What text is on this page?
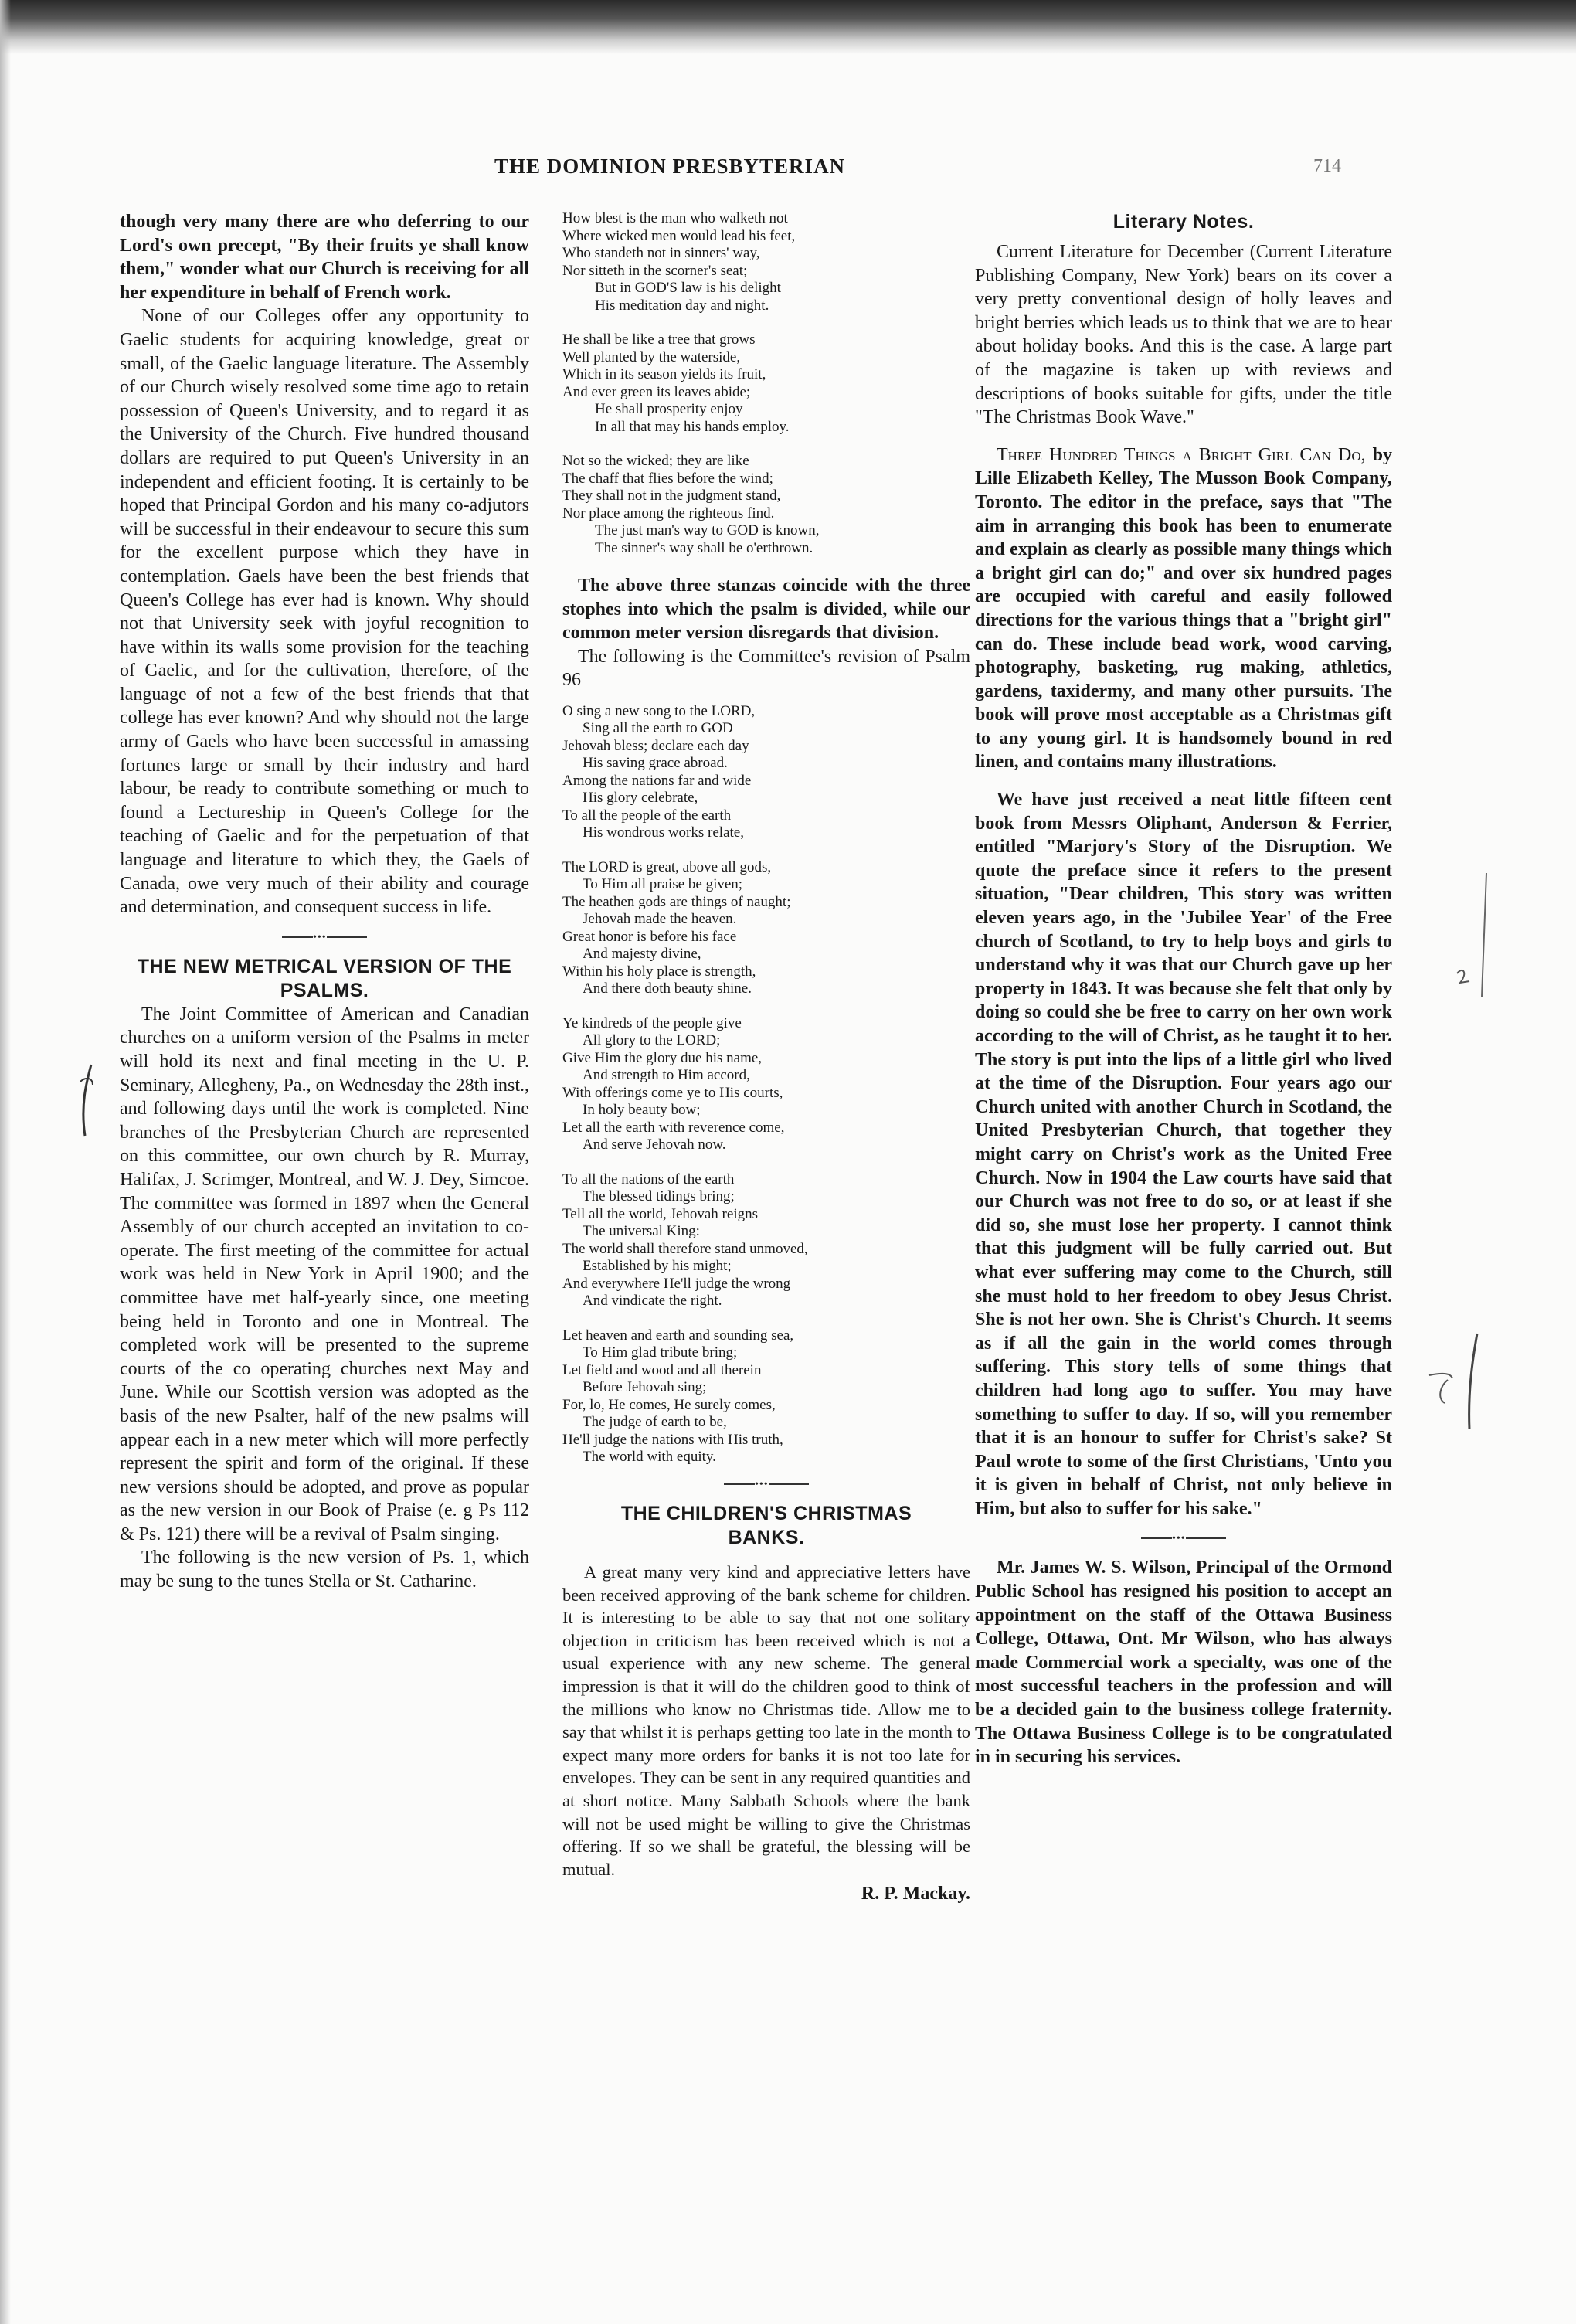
THE DOMINION PRESBYTERIAN	714

though very many there are who deferring to our Lord's own precept, "By their fruits ye shall know them," wonder what our Church is receiving for all her expenditure in behalf of French work.

None of our Colleges offer any opportunity to Gaelic students for acquiring knowledge, great or small, of the Gaelic language literature. The Assembly of our Church wisely resolved some time ago to retain possession of Queen's University, and to regard it as the University of the Church. Five hundred thousand dollars are required to put Queen's University in an independent and efficient footing. It is certainly to be hoped that Principal Gordon and his many co-adjutors will be successful in their endeavour to secure this sum for the excellent purpose which they have in contemplation. Gaels have been the best friends that Queen's College has ever had is known. Why should not that University seek with joyful recognition to have within its walls some provision for the teaching of Gaelic, and for the cultivation, therefore, of the language of not a few of the best friends that that college has ever known? And why should not the large army of Gaels who have been successful in amassing fortunes large or small by their industry and hard labour, be ready to contribute something or much to found a Lectureship in Queen's College for the teaching of Gaelic and for the perpetuation of that language and literature to which they, the Gaels of Canada, owe very much of their ability and courage and determination, and consequent success in life.

•••
THE NEW METRICAL VERSION OF THE PSALMS.

The Joint Committee of American and Canadian churches on a uniform version of the Psalms in meter will hold its next and final meeting in the U. P. Seminary, Allegheny, Pa., on Wednesday the 28th inst., and following days until the work is completed. Nine branches of the Presbyterian Church are represented on this committee, our own church by R. Murray, Halifax, J. Scrimger, Montreal, and W. J. Dey, Simcoe. The committee was formed in 1897 when the General Assembly of our church accepted an invitation to co-operate. The first meeting of the committee for actual work was held in New York in April 1900; and the committee have met half-yearly since, one meeting being held in Toronto and one in Montreal. The completed work will be presented to the supreme courts of the co operating churches next May and June. While our Scottish version was adopted as the basis of the new Psalter, half of the new psalms will appear each in a new meter which will more perfectly represent the spirit and form of the original. If these new versions should be adopted, and prove as popular as the new version in our Book of Praise (e. g Ps 112 & Ps. 121) there will be a revival of Psalm singing.

The following is the new version of Ps. 1, which may be sung to the tunes Stella or St. Catharine.

How blest is the man who walketh not
Where wicked men would lead his feet,
Who standeth not in sinners' way,
Nor sitteth in the scorner's seat;
But in GOD'S law is his delight
His meditation day and night.
He shall be like a tree that grows
Well planted by the waterside,
Which in its season yields its fruit,
And ever green its leaves abide;
He shall prosperity enjoy
In all that may his hands employ.
Not so the wicked; they are like
The chaff that flies before the wind;
They shall not in the judgment stand,
Nor place among the righteous find.
The just man's way to GOD is known,
The sinner's way shall be o'erthrown.

The above three stanzas coincide with the three stophes into which the psalm is divided, while our common meter version disregards that division.

The following is the Committee's revision of Psalm 96

O sing a new song to the LORD,
Sing all the earth to GOD
Jehovah bless; declare each day
His saving grace abroad.
Among the nations far and wide
His glory celebrate,
To all the people of the earth
His wondrous works relate,
The LORD is great, above all gods,
To Him all praise be given;
The heathen gods are things of naught;
Jehovah made the heaven.
Great honor is before his face
And majesty divine,
Within his holy place is strength,
And there doth beauty shine.
Ye kindreds of the people give
All glory to the LORD;
Give Him the glory due his name,
And strength to Him accord,
With offerings come ye to His courts,
In holy beauty bow;
Let all the earth with reverence come,
And serve Jehovah now.
To all the nations of the earth
The blessed tidings bring;
Tell all the world, Jehovah reigns
The universal King:
The world shall therefore stand unmoved,
Established by his might;
And everywhere He'll judge the wrong
And vindicate the right.
Let heaven and earth and sounding sea,
To Him glad tribute bring;
Let field and wood and all therein
Before Jehovah sing;
For, lo, He comes, He surely comes,
The judge of earth to be,
He'll judge the nations with His truth,
The world with equity.
•••
THE CHILDREN'S CHRISTMAS BANKS.

A great many very kind and appreciative letters have been received approving of the bank scheme for children. It is interesting to be able to say that not one solitary objection in criticism has been received which is not a usual experience with any new scheme. The general impression is that it will do the children good to think of the millions who know no Christmas tide. Allow me to say that whilst it is perhaps getting too late in the month to expect many more orders for banks it is not too late for envelopes. They can be sent in any required quantities and at short notice. Many Sabbath Schools where the bank will not be used might be willing to give the Christmas offering. If so we shall be grateful, the blessing will be mutual.

R. P. Mackay.
Literary Notes.

Current Literature for December (Current Literature Publishing Company, New York) bears on its cover a very pretty conventional design of holly leaves and bright berries which leads us to think that we are to hear about holiday books. And this is the case. A large part of the magazine is taken up with reviews and descriptions of books suitable for gifts, under the title "The Christmas Book Wave."

Three Hundred Things a Bright Girl Can Do, by Lille Elizabeth Kelley, The Musson Book Company, Toronto. The editor in the preface, says that "The aim in arranging this book has been to enumerate and explain as clearly as possible many things which a bright girl can do;" and over six hundred pages are occupied with careful and easily followed directions for the various things that a "bright girl" can do. These include bead work, wood carving, photography, basketing, rug making, athletics, gardens, taxidermy, and many other pursuits. The book will prove most acceptable as a Christmas gift to any young girl. It is handsomely bound in red linen, and contains many illustrations.

We have just received a neat little fifteen cent book from Messrs Oliphant, Anderson & Ferrier, entitled "Marjory's Story of the Disruption. We quote the preface since it refers to the present situation, "Dear children, This story was written eleven years ago, in the 'Jubilee Year' of the Free church of Scotland, to try to help boys and girls to understand why it was that our Church gave up her property in 1843. It was because she felt that only by doing so could she be free to carry on her own work according to the will of Christ, as he taught it to her. The story is put into the lips of a little girl who lived at the time of the Disruption. Four years ago our Church united with another Church in Scotland, the United Presbyterian Church, that together they might carry on Christ's work as the United Free Church. Now in 1904 the Law courts have said that our Church was not free to do so, or at least if she did so, she must lose her property. I cannot think that this judgment will be fully carried out. But what ever suffering may come to the Church, still she must hold to her freedom to obey Jesus Christ. She is not her own. She is Christ's Church. It seems as if all the gain in the world comes through suffering. This story tells of some things that children had long ago to suffer. You may have something to suffer to day. If so, will you remember that it is an honour to suffer for Christ's sake? St Paul wrote to some of the first Christians, 'Unto you it is given in behalf of Christ, not only believe in Him, but also to suffer for his sake."

•••

Mr. James W. S. Wilson, Principal of the Ormond Public School has resigned his position to accept an appointment on the staff of the Ottawa Business College, Ottawa, Ont. Mr Wilson, who has always made Commercial work a specialty, was one of the most successful teachers in the profession and will be a decided gain to the business college fraternity. The Ottawa Business College is to be congratulated in in securing his services.
